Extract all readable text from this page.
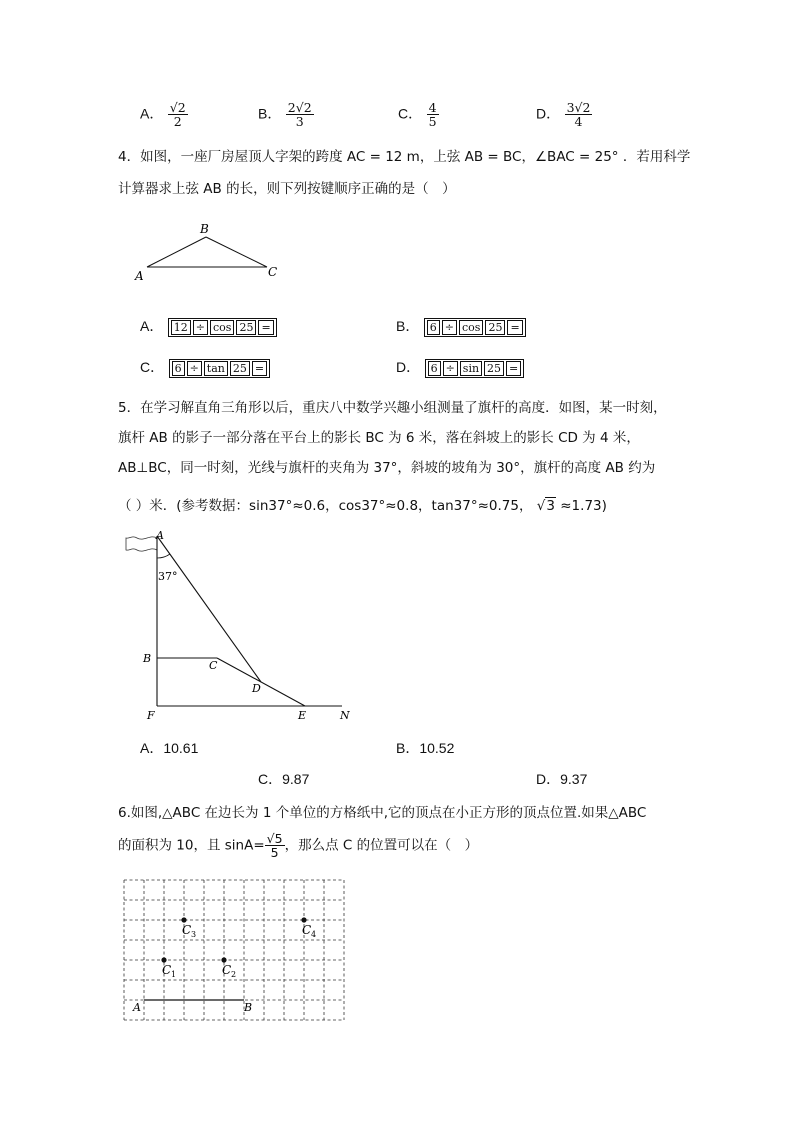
A． $\frac{√2}{2}$	B． $\frac{2√2}{3}$	C． $\frac{4}{5}$	D． $\frac{3√2}{4}$
4．如图，一座厂房屋顶人字架的跨度 AC = 12 m，上弦 AB = BC，∠BAC = 25° ．若用科学
计算器求上弦 AB 的长，则下列按键顺序正确的是（　）
B
A	C
A． 12 ÷ cos 25 =	B． 6 ÷ cos 25 =
C． 6 ÷ tan 25 =	D． 6 ÷ sin 25 =
5．在学习解直角三角形以后，重庆八中数学兴趣小组测量了旗杆的高度．如图，某一时刻，
旗杆 AB 的影子一部分落在平台上的影长 BC 为 6 米，落在斜坡上的影长 CD 为 4 米，
AB⊥BC，同一时刻，光线与旗杆的夹角为 37°，斜坡的坡角为 30°，旗杆的高度 AB 约为
（ ）米．(参考数据：sin37°≈0.6，cos37°≈0.8，tan37°≈0.75， √3 ≈1.73)
A
37°
B
C
D
F	E	N
A．10.61	B．10.52
C．9.87	D．9.37
6.如图,△ABC 在边长为 1 个单位的方格纸中,它的顶点在小正方形的顶点位置.如果△ABC
的面积为 10，且 $\sin A= \frac{√5}{5}$ ，那么点 C 的位置可以在（　）
A	B
C 3	C 4
C 1	C 2
